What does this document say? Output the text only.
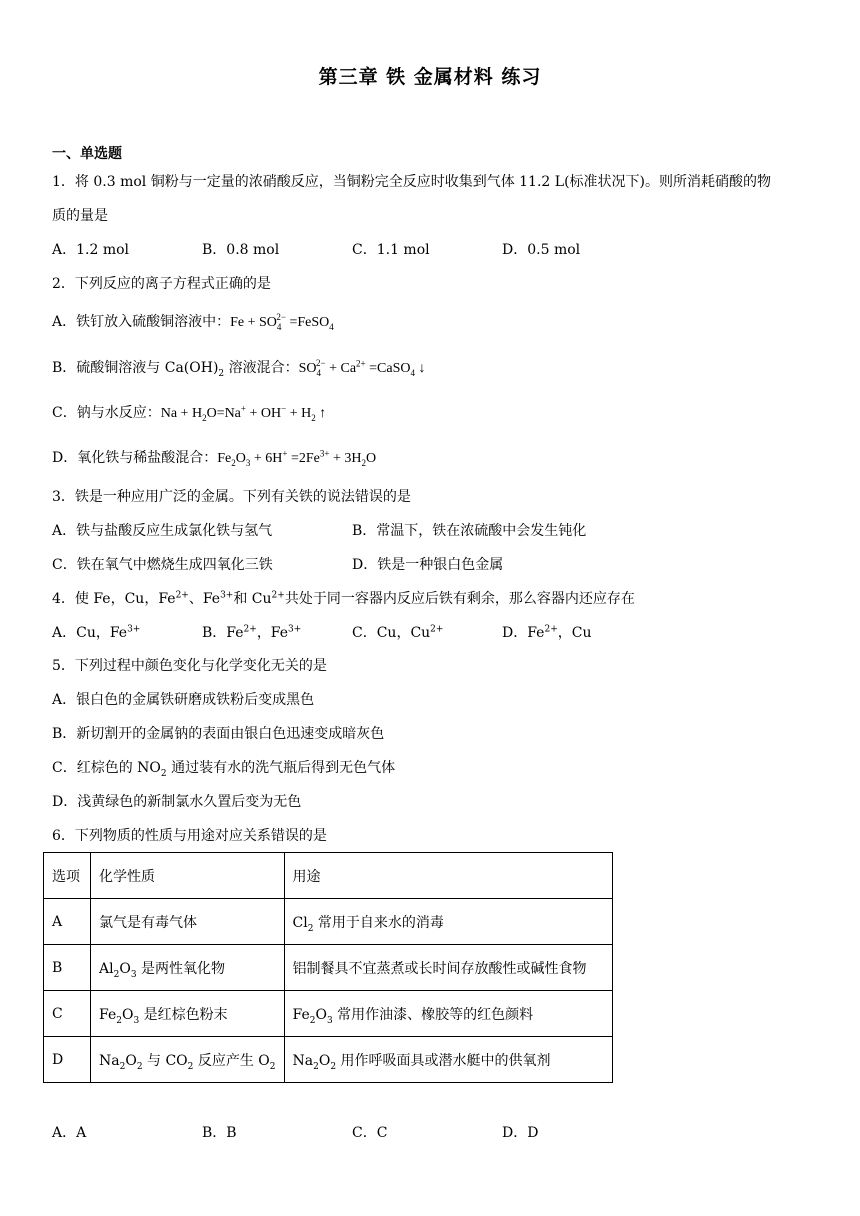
第三章 铁 金属材料 练习
一、单选题
1．将 0.3 mol 铜粉与一定量的浓硝酸反应，当铜粉完全反应时收集到气体 11.2 L(标准状况下)。则所消耗硝酸的物
质的量是
A．1.2 mol	B．0.8 mol	C．1.1 mol	D．0.5 mol
2．下列反应的离子方程式正确的是
A．铁钉放入硫酸铜溶液中：$Fe + SO_4^{2-}$ =FeSO$_4$
B．硫酸铜溶液与 $Ca(OH)_2$ 溶液混合：$SO_4^{2-} + Ca^{2+}$ =CaSO$_4$ ↓
C．钠与水反应：$Na + H_2O=Na^+ + OH^- + H_2$ ↑
D．氧化铁与稀盐酸混合：$Fe_2O_3 + 6H^+ =2Fe^{3+} + 3H_2O$
3．铁是一种应用广泛的金属。下列有关铁的说法错误的是
A．铁与盐酸反应生成氯化铁与氢气	B．常温下，铁在浓硫酸中会发生钝化
C．铁在氧气中燃烧生成四氧化三铁	D．铁是一种银白色金属
4．使 Fe，Cu，$Fe^{2+}$、$Fe^{3+}$和 $Cu^{2+}$共处于同一容器内反应后铁有剩余，那么容器内还应存在
A．Cu，$Fe^{3+}$	B．$Fe^{2+}$，$Fe^{3+}$	C．Cu，$Cu^{2+}$	D．$Fe^{2+}$，Cu
5．下列过程中颜色变化与化学变化无关的是
A．银白色的金属铁研磨成铁粉后变成黑色
B．新切割开的金属钠的表面由银白色迅速变成暗灰色
C．红棕色的 $NO_2$ 通过装有水的洗气瓶后得到无色气体
D．浅黄绿色的新制氯水久置后变为无色
6．下列物质的性质与用途对应关系错误的是
选项	化学性质	用途
A	氯气是有毒气体	$Cl_2$ 常用于自来水的消毒
B	$Al_2O_3$ 是两性氧化物	铝制餐具不宜蒸煮或长时间存放酸性或碱性食物
C	$Fe_2O_3$ 是红棕色粉末	$Fe_2O_3$ 常用作油漆、橡胶等的红色颜料
D	$Na_2O_2$ 与 $CO_2$ 反应产生 $O_2$	$Na_2O_2$ 用作呼吸面具或潜水艇中的供氧剂
A．A	B．B	C．C	D．D
